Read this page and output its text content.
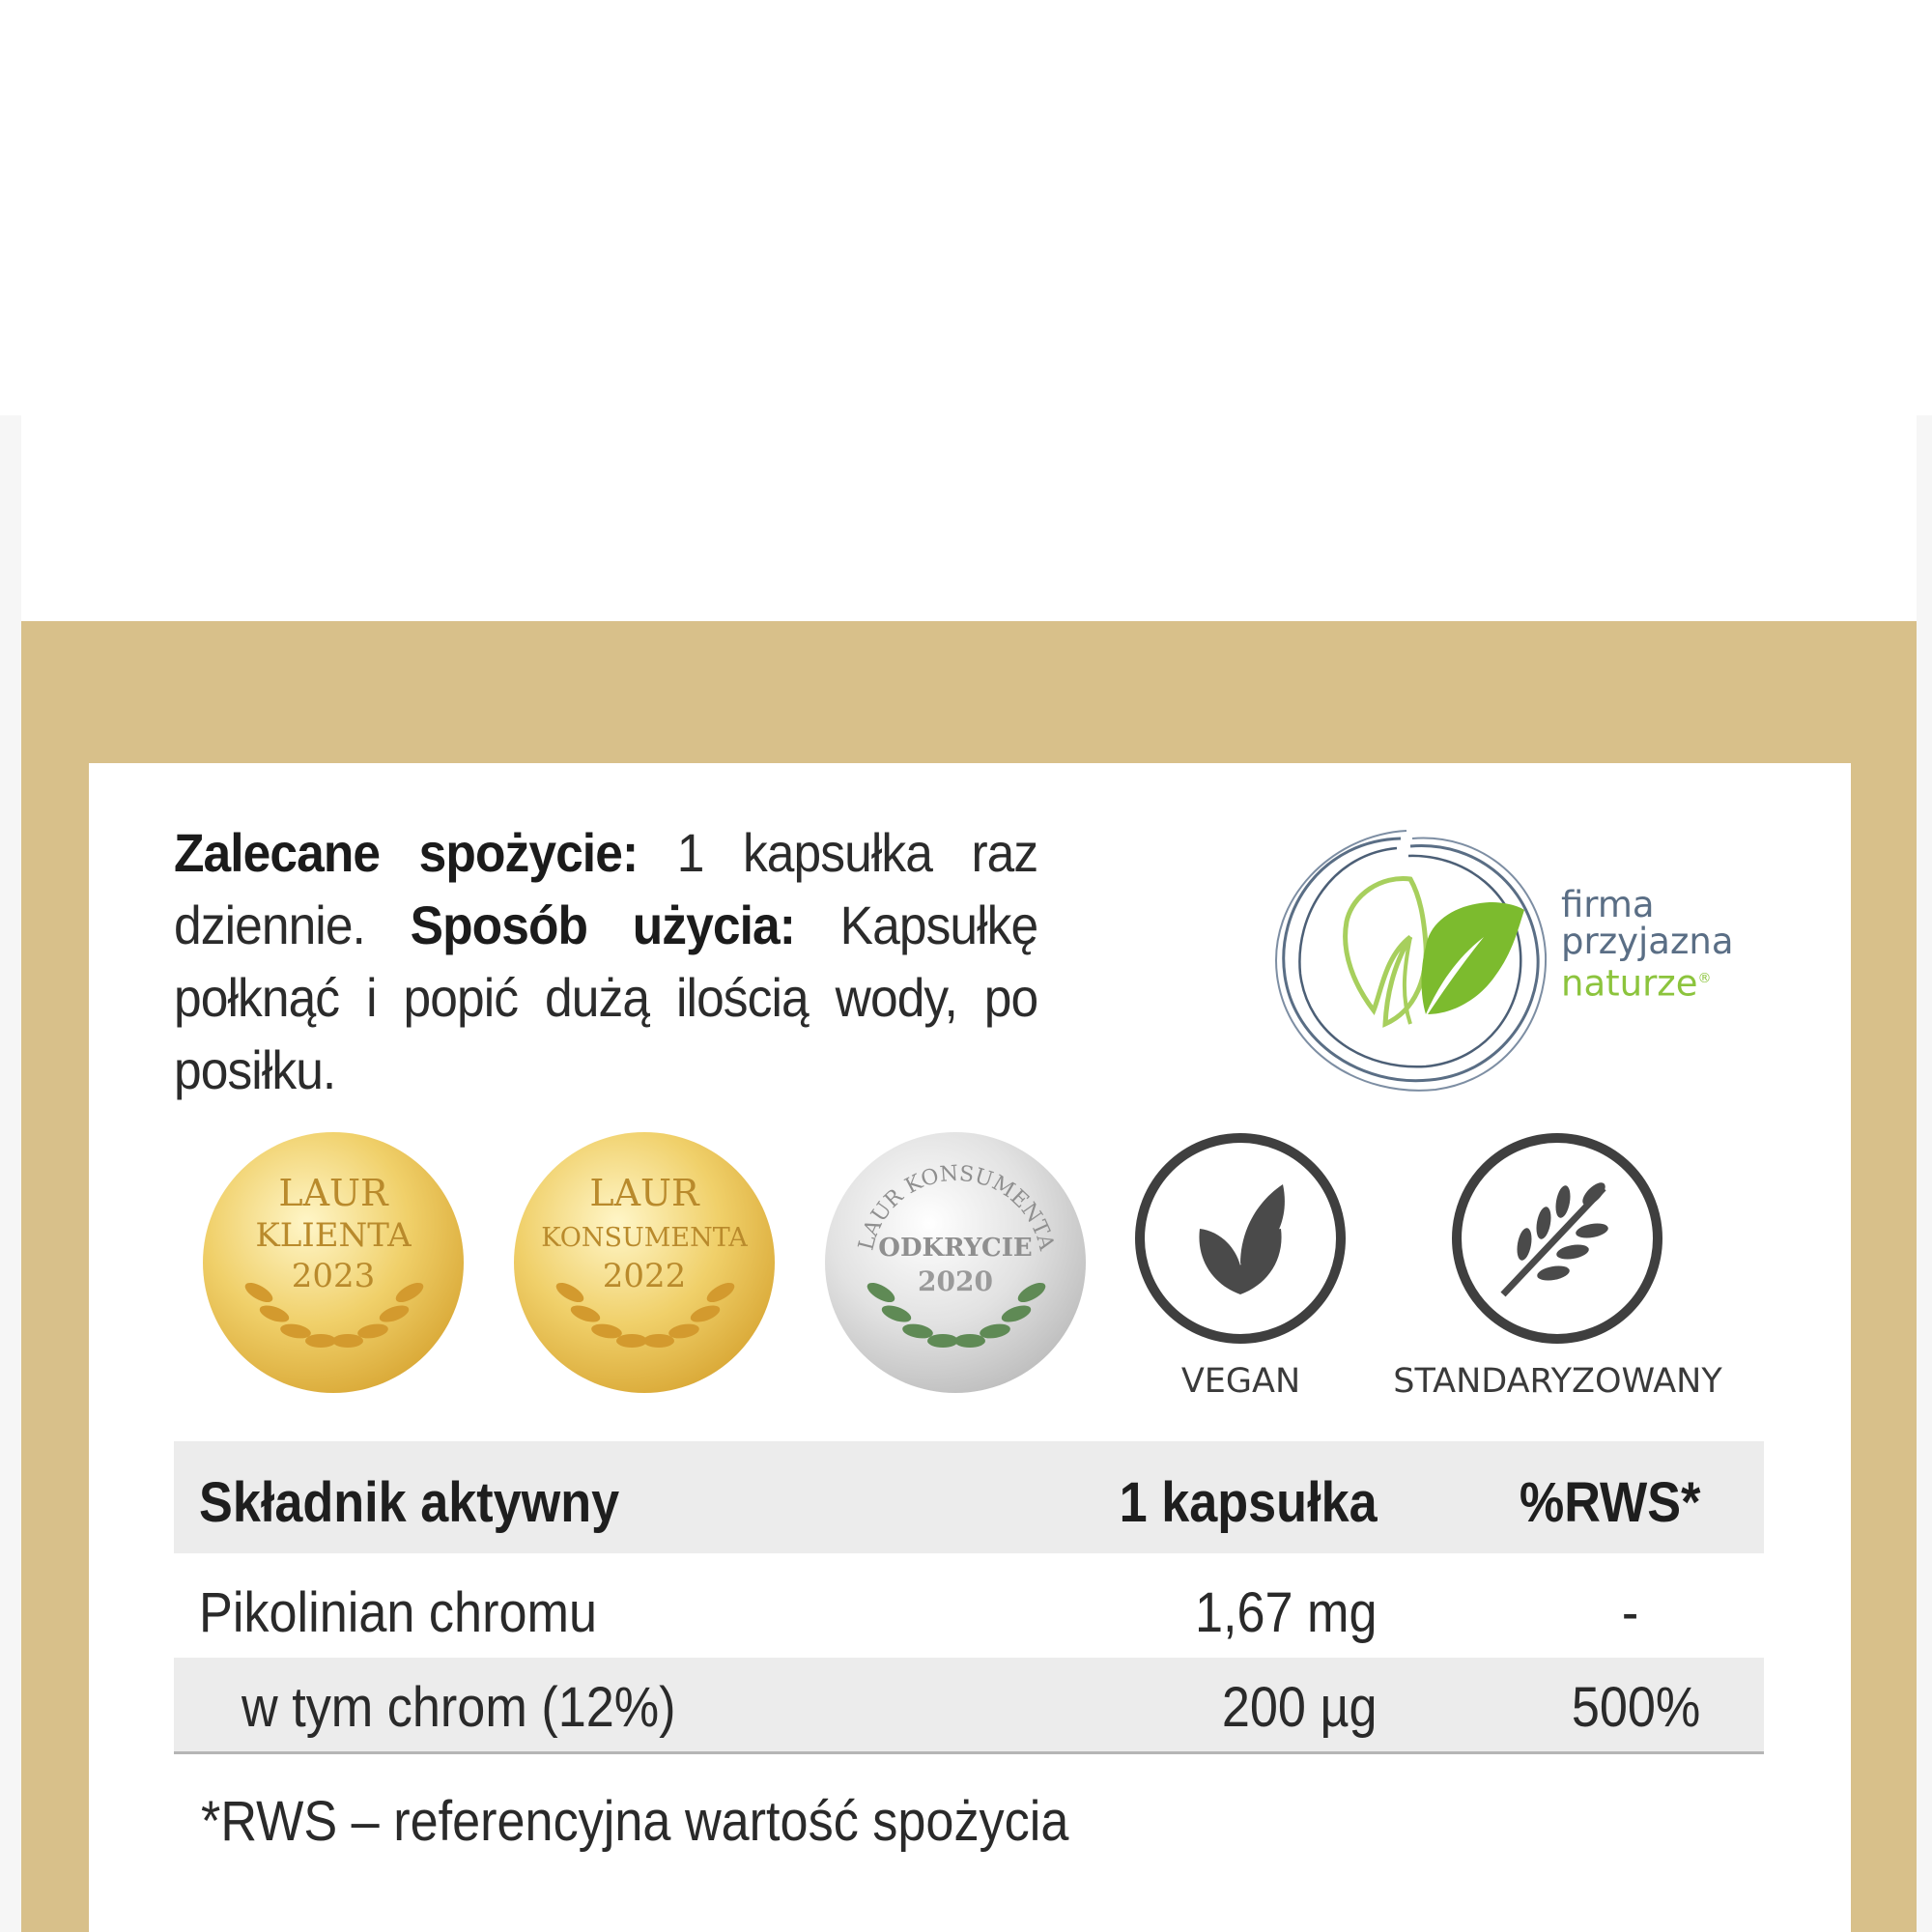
Zalecane spożycie: 1 kapsułka raz dziennie. Sposób użycia: Kapsułkę połknąć i popić dużą ilością wody, po posiłku.
firma
przyjazna
naturze®
LAUR
KLIENTA
2023
LAUR
KONSUMENTA
2022
LAUR KONSUMENTA
ODKRYCIE
2020
VEGAN	STANDARYZOWANY
Składnik aktywny	1 kapsułka	%RWS*
Pikolinian chromu	1,67 mg	-
w tym chrom (12%)	200 µg	500%
*RWS – referencyjna wartość spożycia
